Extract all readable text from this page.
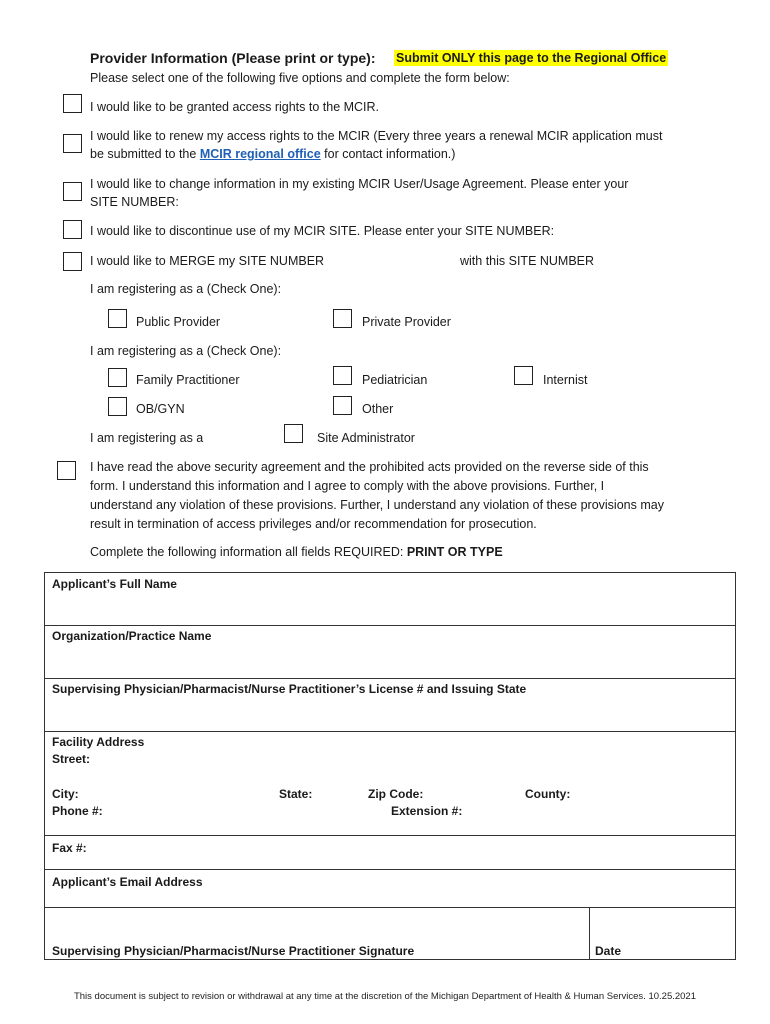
Provider Information (Please print or type): Submit ONLY this page to the Regional Office
Please select one of the following five options and complete the form below:
I would like to be granted access rights to the MCIR.
I would like to renew my access rights to the MCIR (Every three years a renewal MCIR application must
be submitted to the MCIR regional office for contact information.)
I would like to change information in my existing MCIR User/Usage Agreement. Please enter your
SITE NUMBER:
I would like to discontinue use of my MCIR SITE. Please enter your SITE NUMBER:
I would like to MERGE my SITE NUMBER	with this SITE NUMBER
I am registering as a (Check One):
Public Provider	Private Provider
I am registering as a (Check One):
Family Practitioner	Pediatrician	Internist
OB/GYN	Other
I am registering as a	Site Administrator
I have read the above security agreement and the prohibited acts provided on the reverse side of this form. I understand this information and I agree to comply with the above provisions. Further, I understand any violation of these provisions. Further, I understand any violation of these provisions may result in termination of access privileges and/or recommendation for prosecution.
Complete the following information all fields REQUIRED: PRINT OR TYPE
Applicant’s Full Name
Organization/Practice Name
Supervising Physician/Pharmacist/Nurse Practitioner’s License # and Issuing State
Facility Address
Street:
City:	State:	Zip Code:	County:
Phone #:	Extension #:
Fax #:
Applicant’s Email Address
Supervising Physician/Pharmacist/Nurse Practitioner Signature	Date
This document is subject to revision or withdrawal at any time at the discretion of the Michigan Department of Health & Human Services. 10.25.2021
